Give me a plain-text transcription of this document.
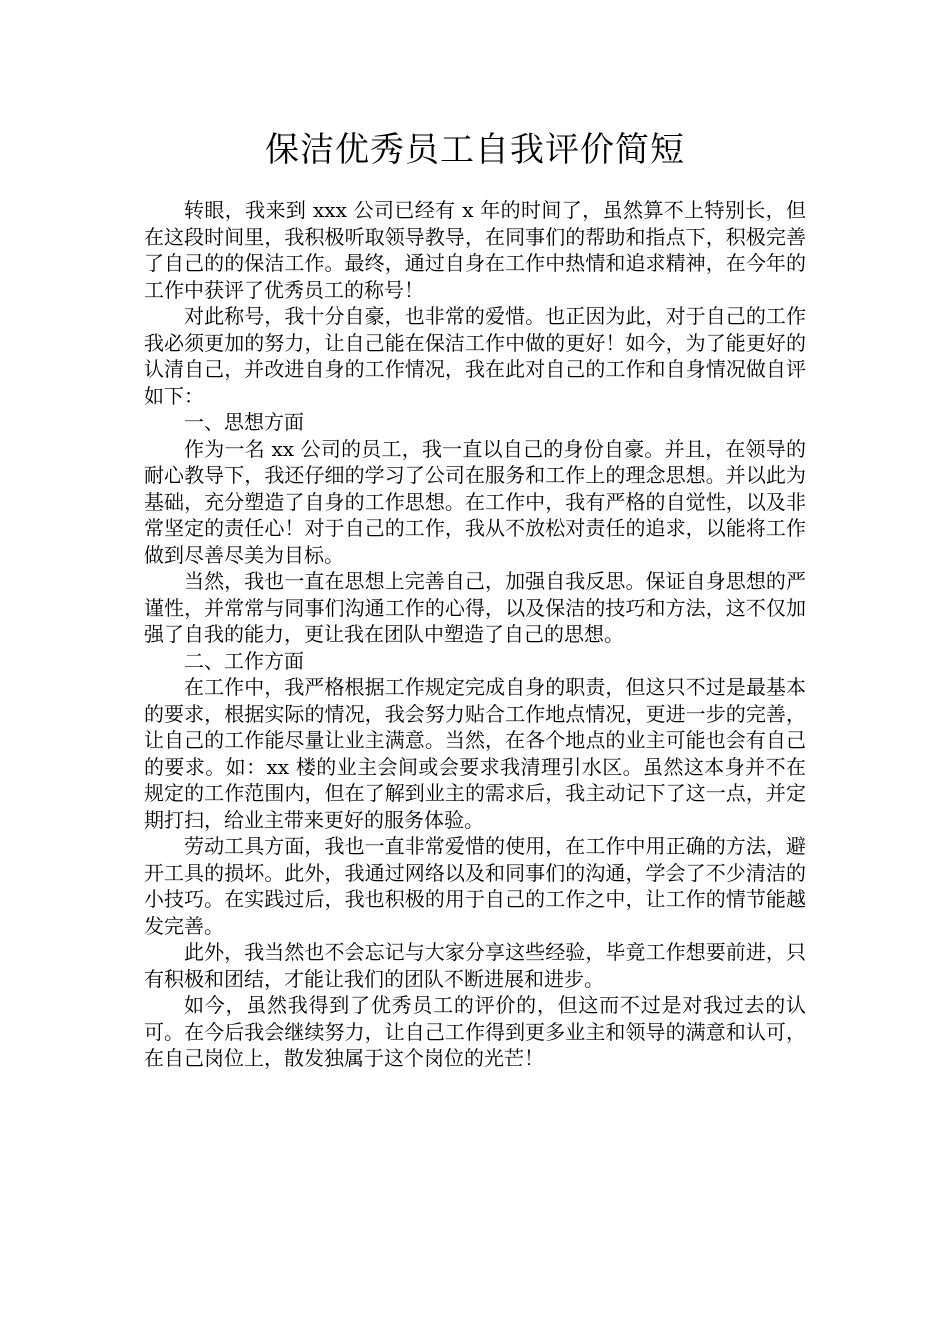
保洁优秀员工自我评价简短

转眼，我来到 xxx 公司已经有 x 年的时间了，虽然算不上特别长，但在这段时间里，我积极听取领导教导，在同事们的帮助和指点下，积极完善了自己的的保洁工作。最终，通过自身在工作中热情和追求精神，在今年的工作中获评了优秀员工的称号！

对此称号，我十分自豪，也非常的爱惜。也正因为此，对于自己的工作我必须更加的努力，让自己能在保洁工作中做的更好！如今，为了能更好的认清自己，并改进自身的工作情况，我在此对自己的工作和自身情况做自评如下：

一、思想方面

作为一名 xx 公司的员工，我一直以自己的身份自豪。并且，在领导的耐心教导下，我还仔细的学习了公司在服务和工作上的理念思想。并以此为基础，充分塑造了自身的工作思想。在工作中，我有严格的自觉性，以及非常坚定的责任心！对于自己的工作，我从不放松对责任的追求，以能将工作做到尽善尽美为目标。

当然，我也一直在思想上完善自己，加强自我反思。保证自身思想的严谨性，并常常与同事们沟通工作的心得，以及保洁的技巧和方法，这不仅加强了自我的能力，更让我在团队中塑造了自己的思想。

二、工作方面

在工作中，我严格根据工作规定完成自身的职责，但这只不过是最基本的要求，根据实际的情况，我会努力贴合工作地点情况，更进一步的完善，让自己的工作能尽量让业主满意。当然，在各个地点的业主可能也会有自己的要求。如：xx 楼的业主会间或会要求我清理引水区。虽然这本身并不在规定的工作范围内，但在了解到业主的需求后，我主动记下了这一点，并定期打扫，给业主带来更好的服务体验。

劳动工具方面，我也一直非常爱惜的使用，在工作中用正确的方法，避开工具的损坏。此外，我通过网络以及和同事们的沟通，学会了不少清洁的小技巧。在实践过后，我也积极的用于自己的工作之中，让工作的情节能越发完善。

此外，我当然也不会忘记与大家分享这些经验，毕竟工作想要前进，只有积极和团结，才能让我们的团队不断进展和进步。

如今，虽然我得到了优秀员工的评价的，但这而不过是对我过去的认可。在今后我会继续努力，让自己工作得到更多业主和领导的满意和认可，在自己岗位上，散发独属于这个岗位的光芒！
